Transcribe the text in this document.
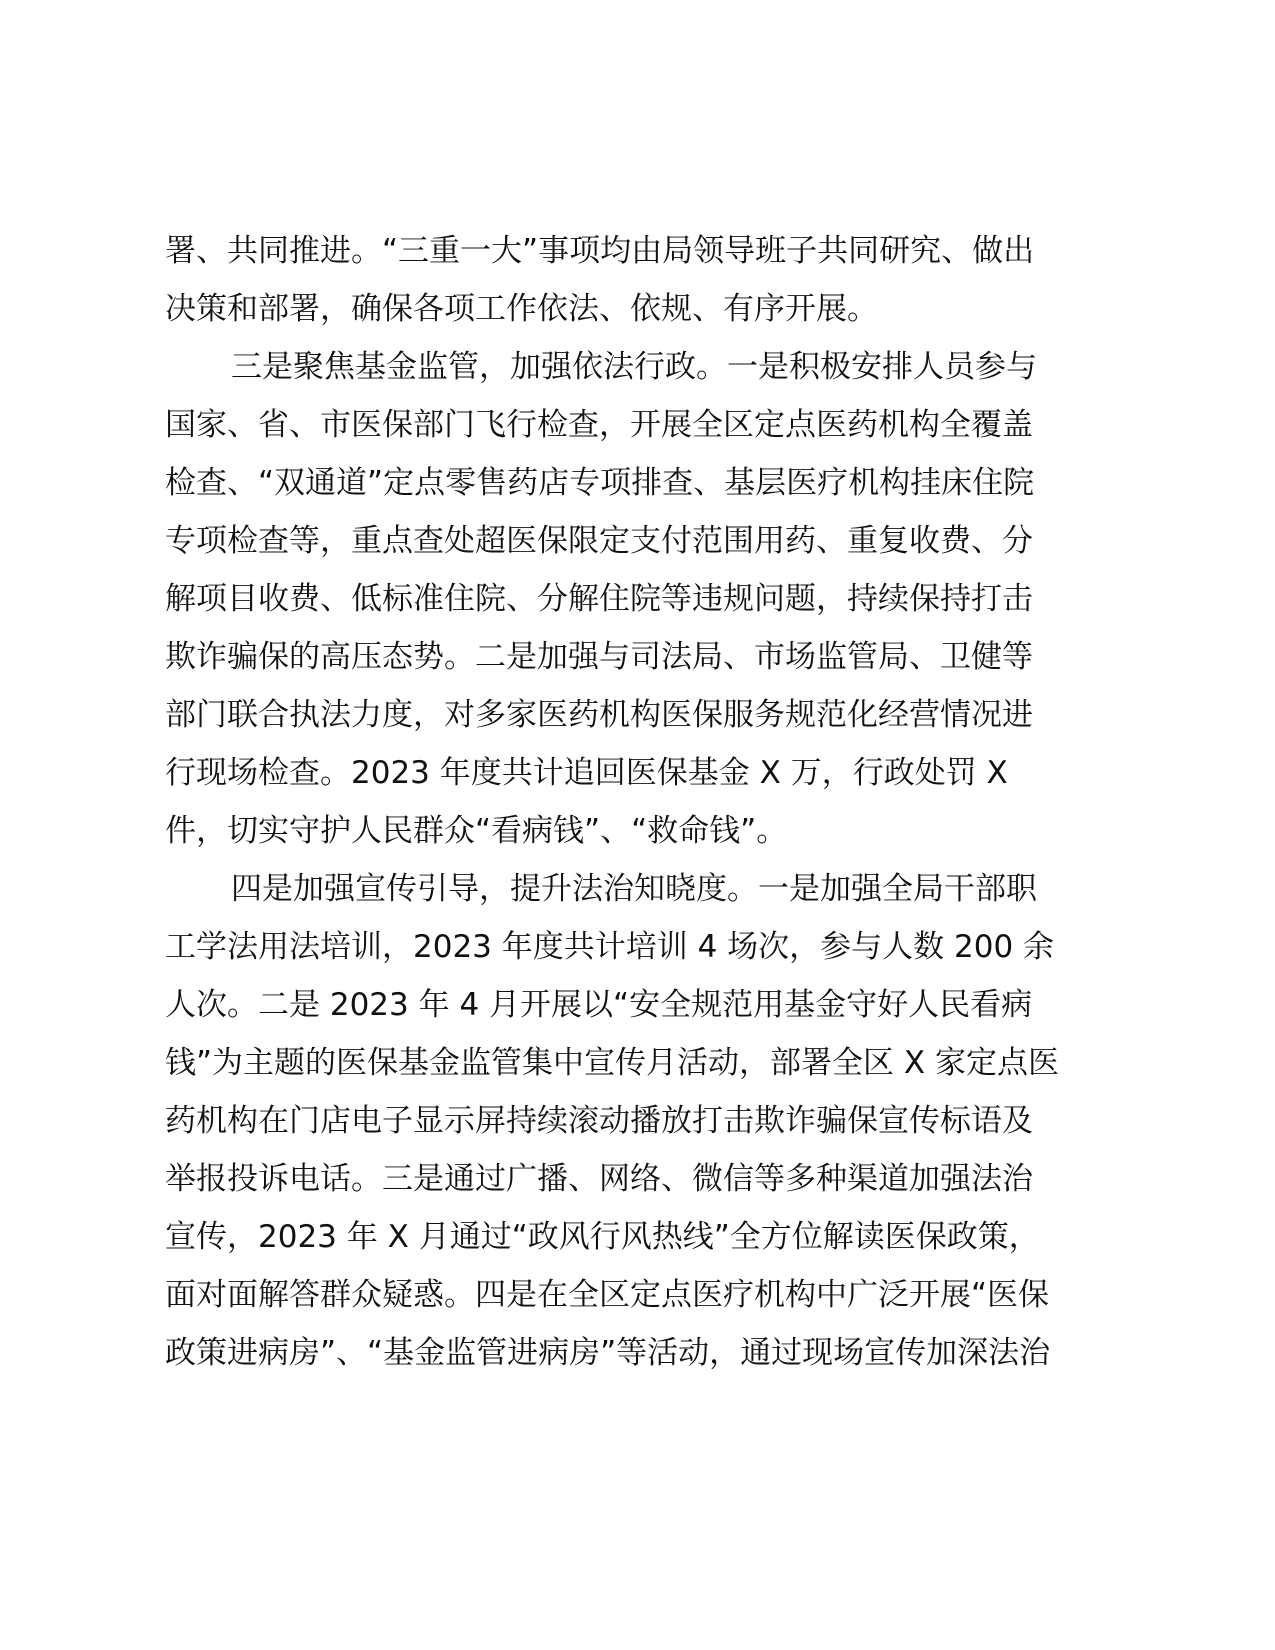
署、共同推进。“三重一大”事项均由局领导班子共同研究、做出
决策和部署，确保各项工作依法、依规、有序开展。
三是聚焦基金监管，加强依法行政。一是积极安排人员参与
国家、省、市医保部门飞行检查，开展全区定点医药机构全覆盖
检查、“双通道”定点零售药店专项排查、基层医疗机构挂床住院
专项检查等，重点查处超医保限定支付范围用药、重复收费、分
解项目收费、低标准住院、分解住院等违规问题，持续保持打击
欺诈骗保的高压态势。二是加强与司法局、市场监管局、卫健等
部门联合执法力度，对多家医药机构医保服务规范化经营情况进
行现场检查。2023 年度共计追回医保基金 X 万，行政处罚 X
件，切实守护人民群众“看病钱”、“救命钱”。
四是加强宣传引导，提升法治知晓度。一是加强全局干部职
工学法用法培训，2023 年度共计培训 4 场次，参与人数 200 余
人次。二是 2023 年 4 月开展以“安全规范用基金守好人民看病
钱”为主题的医保基金监管集中宣传月活动，部署全区 X 家定点医
药机构在门店电子显示屏持续滚动播放打击欺诈骗保宣传标语及
举报投诉电话。三是通过广播、网络、微信等多种渠道加强法治
宣传，2023 年 X 月通过“政风行风热线”全方位解读医保政策，
面对面解答群众疑惑。四是在全区定点医疗机构中广泛开展“医保
政策进病房”、“基金监管进病房”等活动，通过现场宣传加深法治
